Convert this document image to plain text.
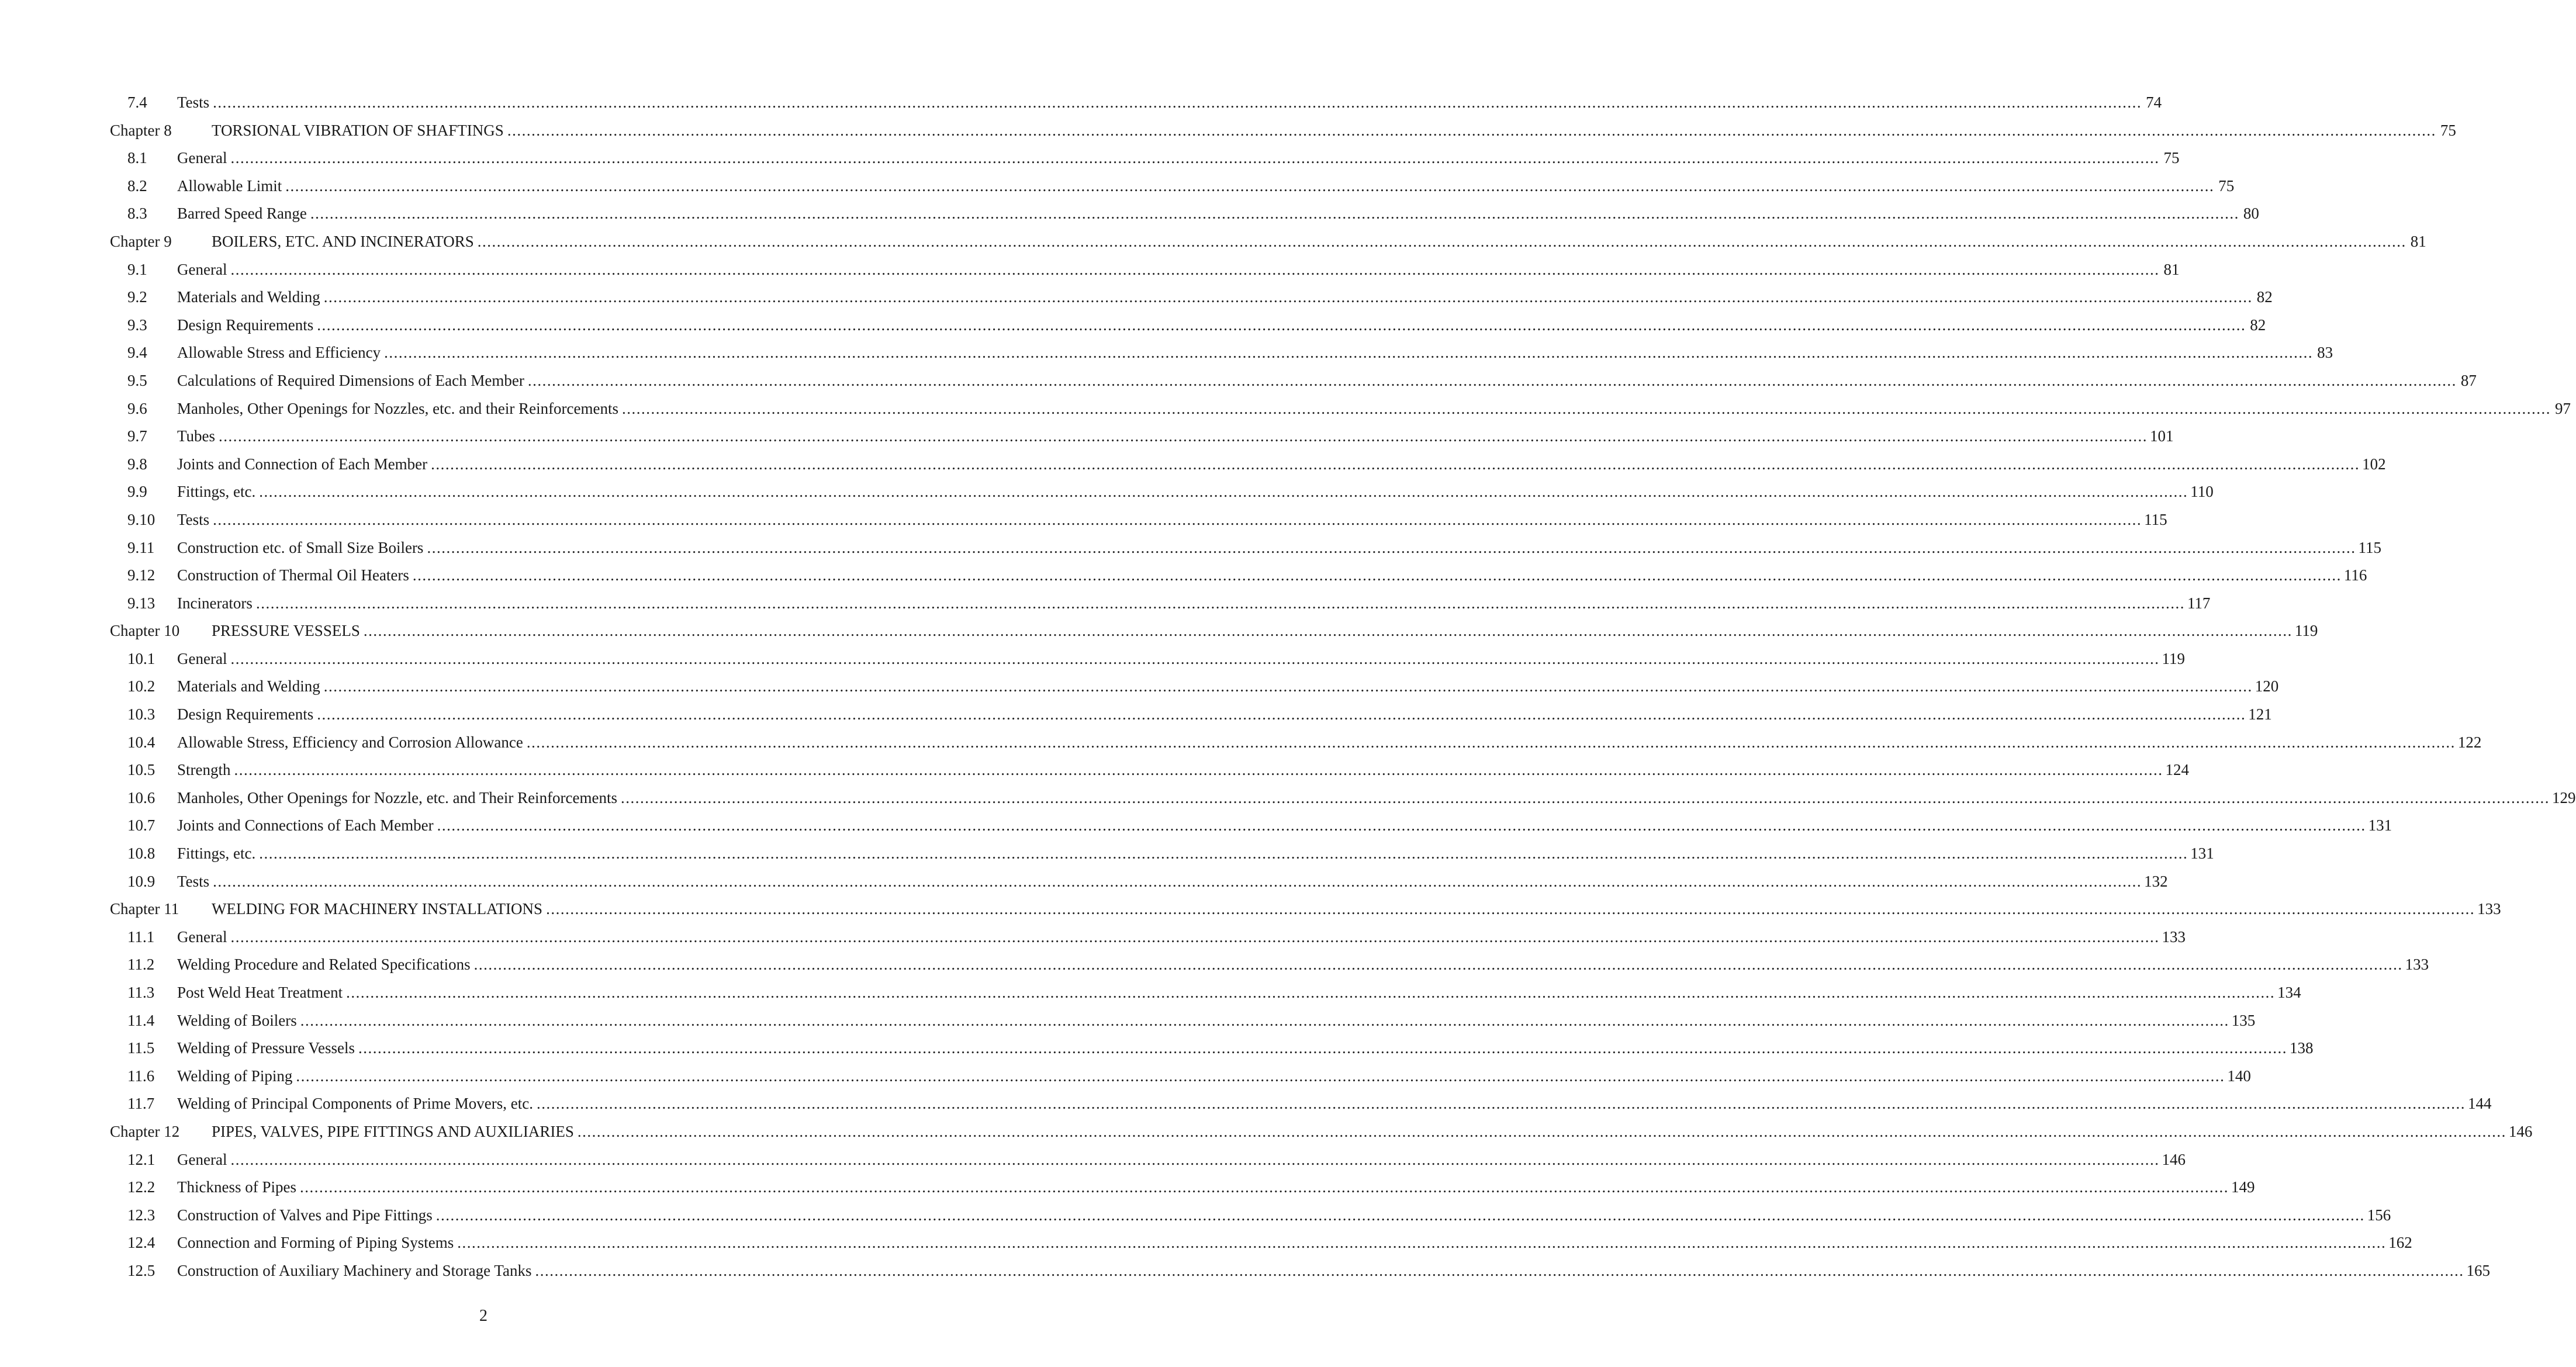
7.4	Tests ................................................................................................................................................................................................................................................................................................................................................................................................................ 74
Chapter 8	TORSIONAL VIBRATION OF SHAFTINGS ................................................................................................................................................................................................................................................................................................................................................................................................................ 75
8.1	General ................................................................................................................................................................................................................................................................................................................................................................................................................ 75
8.2	Allowable Limit ................................................................................................................................................................................................................................................................................................................................................................................................................ 75
8.3	Barred Speed Range ................................................................................................................................................................................................................................................................................................................................................................................................................ 80
Chapter 9	BOILERS, ETC. AND INCINERATORS ................................................................................................................................................................................................................................................................................................................................................................................................................ 81
9.1	General ................................................................................................................................................................................................................................................................................................................................................................................................................ 81
9.2	Materials and Welding ................................................................................................................................................................................................................................................................................................................................................................................................................ 82
9.3	Design Requirements ................................................................................................................................................................................................................................................................................................................................................................................................................ 82
9.4	Allowable Stress and Efficiency ................................................................................................................................................................................................................................................................................................................................................................................................................ 83
9.5	Calculations of Required Dimensions of Each Member ................................................................................................................................................................................................................................................................................................................................................................................................................ 87
9.6	Manholes, Other Openings for Nozzles, etc. and their Reinforcements ................................................................................................................................................................................................................................................................................................................................................................................................................ 97
9.7	Tubes ................................................................................................................................................................................................................................................................................................................................................................................................................ 101
9.8	Joints and Connection of Each Member ................................................................................................................................................................................................................................................................................................................................................................................................................ 102
9.9	Fittings, etc. ................................................................................................................................................................................................................................................................................................................................................................................................................ 110
9.10	Tests ................................................................................................................................................................................................................................................................................................................................................................................................................ 115
9.11	Construction etc. of Small Size Boilers ................................................................................................................................................................................................................................................................................................................................................................................................................ 115
9.12	Construction of Thermal Oil Heaters ................................................................................................................................................................................................................................................................................................................................................................................................................ 116
9.13	Incinerators ................................................................................................................................................................................................................................................................................................................................................................................................................ 117
Chapter 10	PRESSURE VESSELS ................................................................................................................................................................................................................................................................................................................................................................................................................ 119
10.1	General ................................................................................................................................................................................................................................................................................................................................................................................................................ 119
10.2	Materials and Welding ................................................................................................................................................................................................................................................................................................................................................................................................................ 120
10.3	Design Requirements ................................................................................................................................................................................................................................................................................................................................................................................................................ 121
10.4	Allowable Stress, Efficiency and Corrosion Allowance ................................................................................................................................................................................................................................................................................................................................................................................................................ 122
10.5	Strength ................................................................................................................................................................................................................................................................................................................................................................................................................ 124
10.6	Manholes, Other Openings for Nozzle, etc. and Their Reinforcements ................................................................................................................................................................................................................................................................................................................................................................................................................ 129
10.7	Joints and Connections of Each Member ................................................................................................................................................................................................................................................................................................................................................................................................................ 131
10.8	Fittings, etc. ................................................................................................................................................................................................................................................................................................................................................................................................................ 131
10.9	Tests ................................................................................................................................................................................................................................................................................................................................................................................................................ 132
Chapter 11	WELDING FOR MACHINERY INSTALLATIONS ................................................................................................................................................................................................................................................................................................................................................................................................................ 133
11.1	General ................................................................................................................................................................................................................................................................................................................................................................................................................ 133
11.2	Welding Procedure and Related Specifications ................................................................................................................................................................................................................................................................................................................................................................................................................ 133
11.3	Post Weld Heat Treatment ................................................................................................................................................................................................................................................................................................................................................................................................................ 134
11.4	Welding of Boilers ................................................................................................................................................................................................................................................................................................................................................................................................................ 135
11.5	Welding of Pressure Vessels ................................................................................................................................................................................................................................................................................................................................................................................................................ 138
11.6	Welding of Piping ................................................................................................................................................................................................................................................................................................................................................................................................................ 140
11.7	Welding of Principal Components of Prime Movers, etc. ................................................................................................................................................................................................................................................................................................................................................................................................................ 144
Chapter 12	PIPES, VALVES, PIPE FITTINGS AND AUXILIARIES ................................................................................................................................................................................................................................................................................................................................................................................................................ 146
12.1	General ................................................................................................................................................................................................................................................................................................................................................................................................................ 146
12.2	Thickness of Pipes ................................................................................................................................................................................................................................................................................................................................................................................................................ 149
12.3	Construction of Valves and Pipe Fittings ................................................................................................................................................................................................................................................................................................................................................................................................................ 156
12.4	Connection and Forming of Piping Systems ................................................................................................................................................................................................................................................................................................................................................................................................................ 162
12.5	Construction of Auxiliary Machinery and Storage Tanks ................................................................................................................................................................................................................................................................................................................................................................................................................ 165
2
